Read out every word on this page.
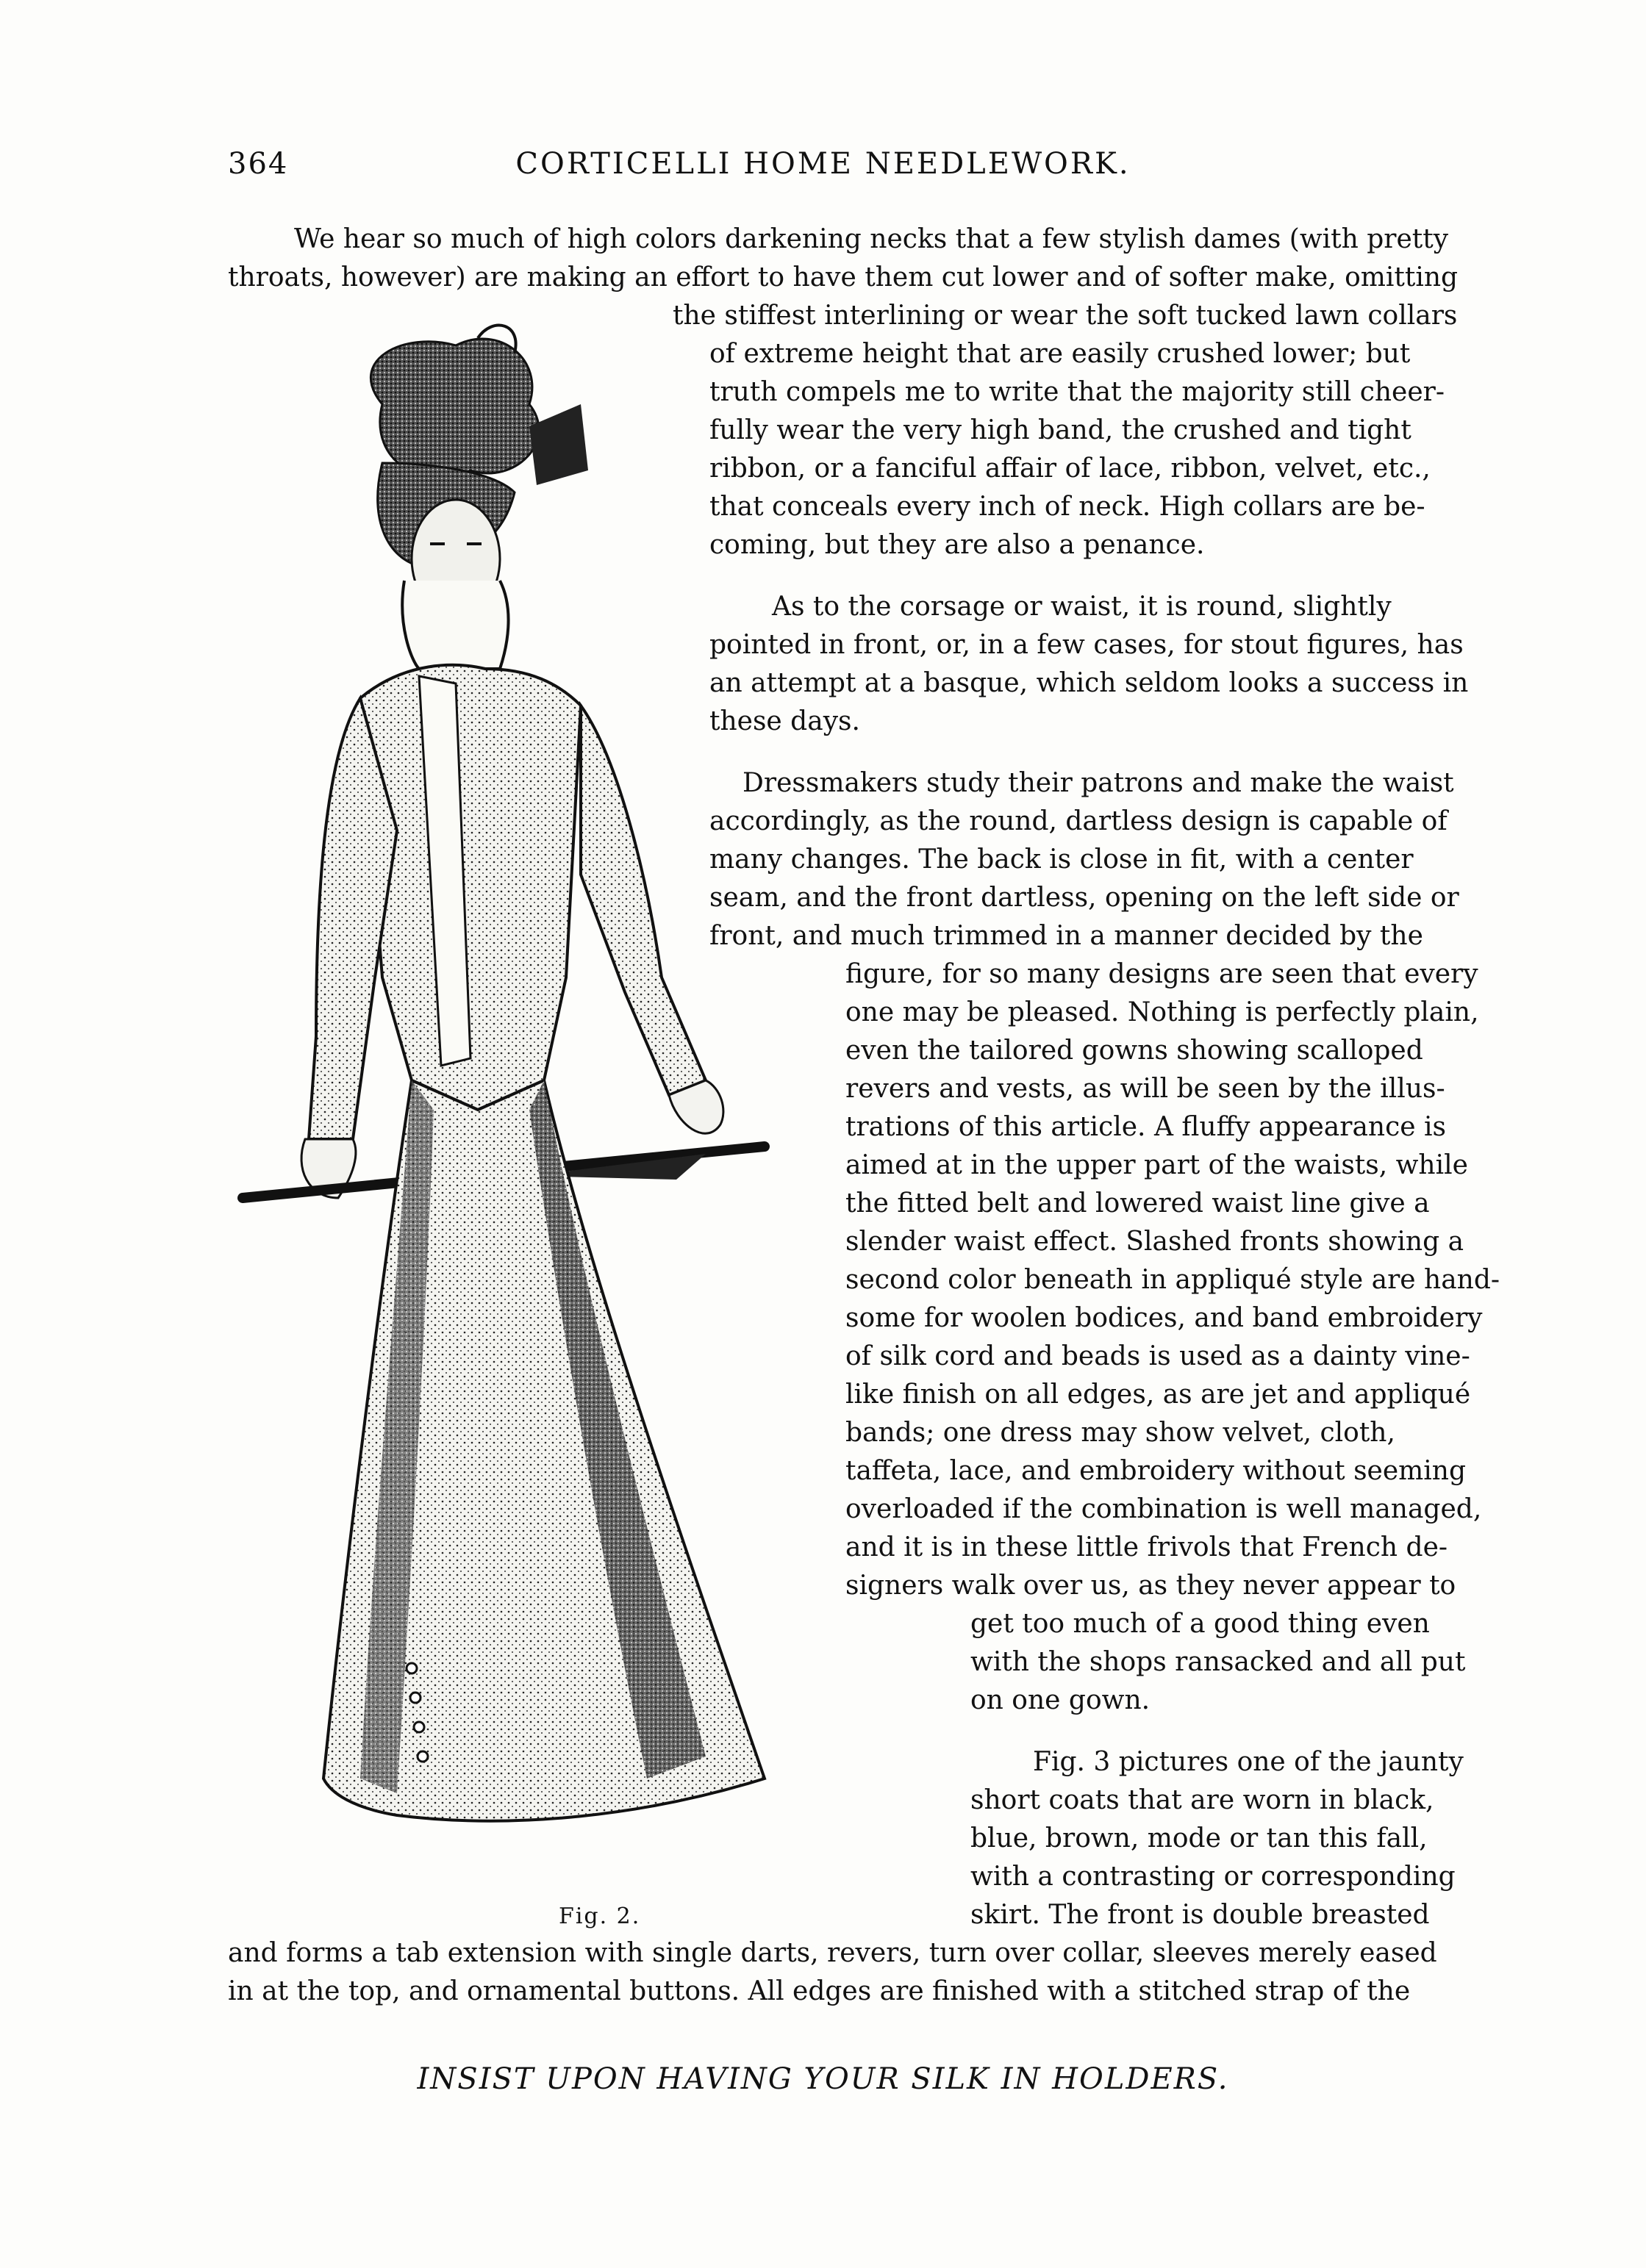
364	CORTICELLI HOME NEEDLEWORK.
We hear so much of high colors darkening necks that a few stylish dames (with pretty
throats, however) are making an effort to have them cut lower and of softer make, omitting
the stiffest interlining or wear the soft tucked lawn collars
of extreme height that are easily crushed lower; but
truth compels me to write that the majority still cheer-
fully wear the very high band, the crushed and tight
ribbon, or a fanciful affair of lace, ribbon, velvet, etc.,
that conceals every inch of neck. High collars are be-
coming, but they are also a penance.
As to the corsage or waist, it is round, slightly
pointed in front, or, in a few cases, for stout figures, has
an attempt at a basque, which seldom looks a success in
these days.
Dressmakers study their patrons and make the waist
accordingly, as the round, dartless design is capable of
many changes. The back is close in fit, with a center
seam, and the front dartless, opening on the left side or
front, and much trimmed in a manner decided by the
figure, for so many designs are seen that every
one may be pleased. Nothing is perfectly plain,
even the tailored gowns showing scalloped
revers and vests, as will be seen by the illus-
trations of this article. A fluffy appearance is
aimed at in the upper part of the waists, while
the fitted belt and lowered waist line give a
slender waist effect. Slashed fronts showing a
second color beneath in appliqué style are hand-
some for woolen bodices, and band embroidery
of silk cord and beads is used as a dainty vine-
like finish on all edges, as are jet and appliqué
bands; one dress may show velvet, cloth,
taffeta, lace, and embroidery without seeming
overloaded if the combination is well managed,
and it is in these little frivols that French de-
signers walk over us, as they never appear to
get too much of a good thing even
with the shops ransacked and all put
on one gown.
Fig. 3 pictures one of the jaunty
short coats that are worn in black,
blue, brown, mode or tan this fall,
with a contrasting or corresponding
skirt. The front is double breasted
and forms a tab extension with single darts, revers, turn over collar, sleeves merely eased
in at the top, and ornamental buttons. All edges are finished with a stitched strap of the
Fig. 2.
INSIST UPON HAVING YOUR SILK IN HOLDERS.
